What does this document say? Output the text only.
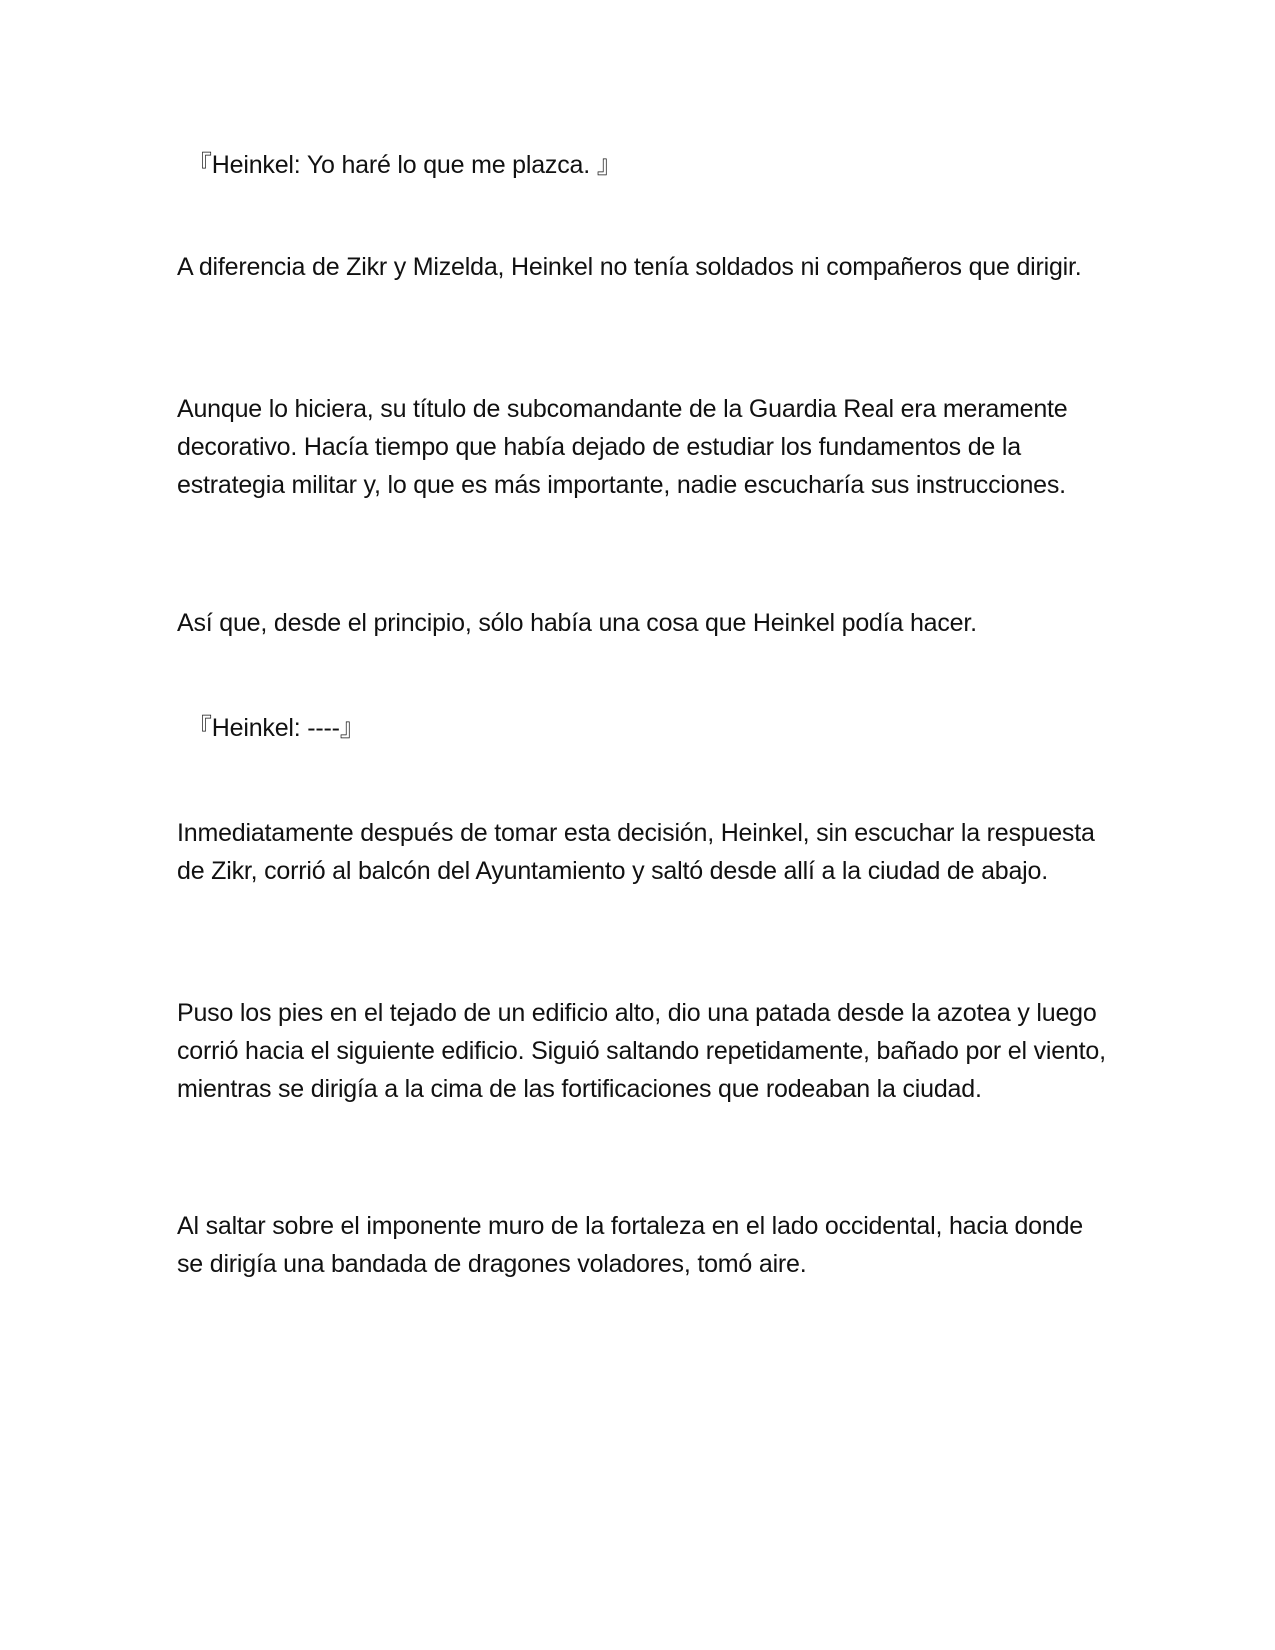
『Heinkel: Yo haré lo que me plazca. 』

A diferencia de Zikr y Mizelda, Heinkel no tenía soldados ni compañeros que dirigir.

Aunque lo hiciera, su título de subcomandante de la Guardia Real era meramente decorativo. Hacía tiempo que había dejado de estudiar los fundamentos de la estrategia militar y, lo que es más importante, nadie escucharía sus instrucciones.

Así que, desde el principio, sólo había una cosa que Heinkel podía hacer.

『Heinkel: ----』

Inmediatamente después de tomar esta decisión, Heinkel, sin escuchar la respuesta de Zikr, corrió al balcón del Ayuntamiento y saltó desde allí a la ciudad de abajo.

Puso los pies en el tejado de un edificio alto, dio una patada desde la azotea y luego corrió hacia el siguiente edificio. Siguió saltando repetidamente, bañado por el viento, mientras se dirigía a la cima de las fortificaciones que rodeaban la ciudad.

Al saltar sobre el imponente muro de la fortaleza en el lado occidental, hacia donde se dirigía una bandada de dragones voladores, tomó aire.
